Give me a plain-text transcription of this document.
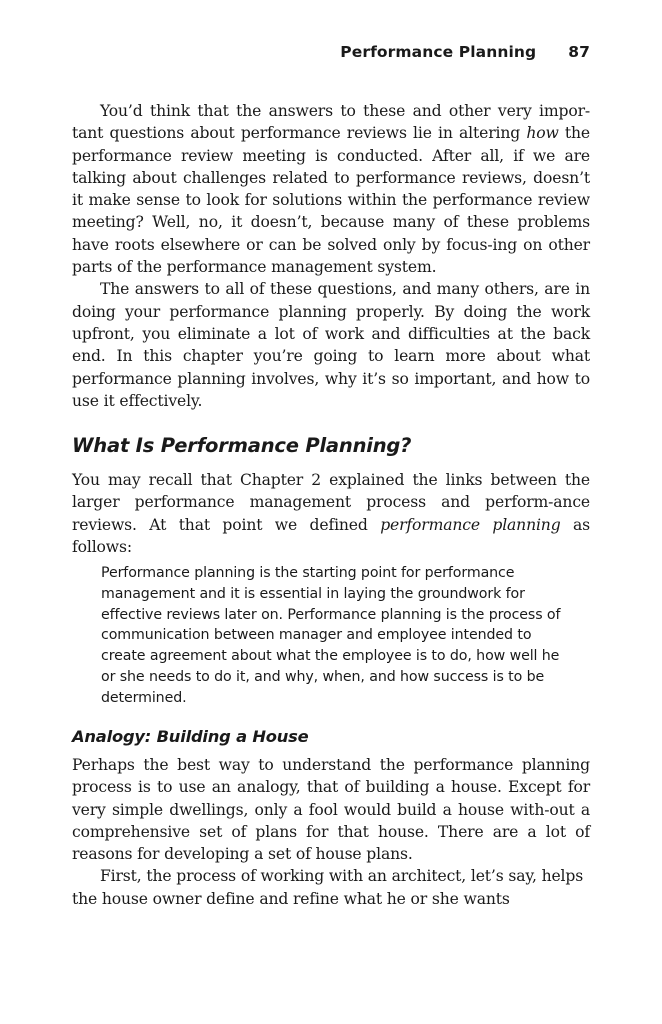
Performance Planning 87

You’d think that the answers to these and other very impor- tant questions about performance reviews lie in altering how the performance review meeting is conducted. After all, if we are talking about challenges related to performance reviews, doesn’t it make sense to look for solutions within the performance review meeting? Well, no, it doesn’t, because many of these problems have roots elsewhere or can be solved only by focus-ing on other parts of the performance management system.

The answers to all of these questions, and many others, are in doing your performance planning properly. By doing the work upfront, you eliminate a lot of work and difficulties at the back end. In this chapter you’re going to learn more about what performance planning involves, why it’s so important, and how to use it effectively.

What Is Performance Planning?

You may recall that Chapter 2 explained the links between the larger performance management process and perform-ance reviews. At that point we defined performance planning as follows:

Performance planning is the starting point for performance management and it is essential in laying the groundwork for effective reviews later on. Performance planning is the process of communication between manager and employee intended to create agreement about what the employee is to do, how well he or she needs to do it, and why, when, and how success is to be determined.

Analogy: Building a House

Perhaps the best way to understand the performance planning process is to use an analogy, that of building a house. Except for very simple dwellings, only a fool would build a house with-out a comprehensive set of plans for that house. There are a lot of reasons for developing a set of house plans.

First, the process of working with an architect, let’s say, helps the house owner define and refine what he or she wants
